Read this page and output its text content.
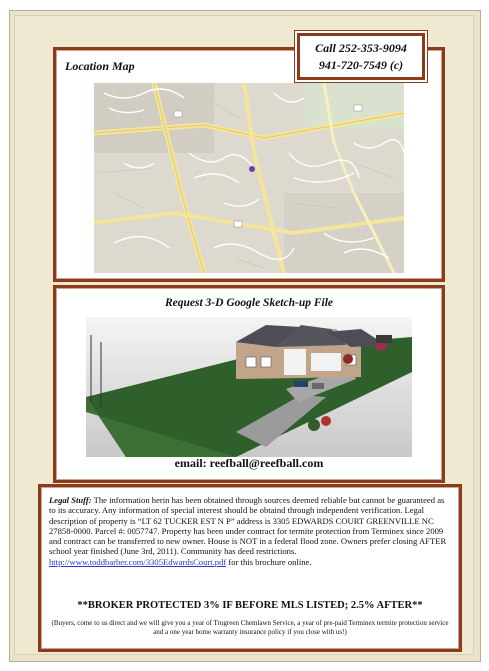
Location Map
Call 252-353-9094
941-720-7549 (c)
Request 3-D Google Sketch-up File
email: reefball@reefball.com
Legal Stuff: The information herin has been obtained through sources deemed reliable but cannot be guaranteed as to its accuracy. Any information of special interest should be obtaind through independent verification. Legal description of property is “LT 62 TUCKER EST N P” address is 3305 EDWARDS COURT GREENVILLE NC 27858-0000. Parcel #: 0057747. Property has been under contract for termite protection from Terminex since 2009 and contract can be transferred to new owner. House is NOT in a federal flood zone. Owners prefer closing AFTER school year finished (June 3rd, 2011). Community has deed restrictions. http://www.toddbarber.com/3305EdwardsCourt.pdf for this brochure online.
**BROKER PROTECTED 3% IF BEFORE MLS LISTED; 2.5% AFTER**
(Buyers, come to us direct and we will give you a year of Trugreen Chemlawn Service, a year of pre-paid Terminex termite protection service and a one year home warranty insurance policy if you close with us!)
